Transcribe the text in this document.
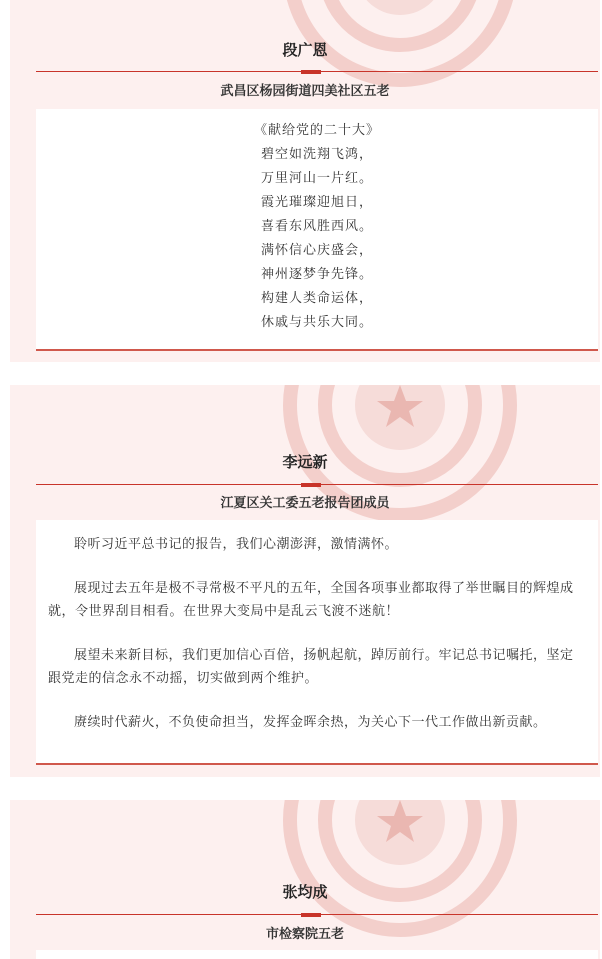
段广恩
武昌区杨园街道四美社区五老
《献给党的二十大》
碧空如洗翔飞鸿，
万里河山一片红。
霞光璀璨迎旭日，
喜看东风胜西风。
满怀信心庆盛会，
神州逐梦争先锋。
构建人类命运体，
休戚与共乐大同。
李远新
江夏区关工委五老报告团成员

聆听习近平总书记的报告，我们心潮澎湃，激情满怀。

展现过去五年是极不寻常极不平凡的五年，全国各项事业都取得了举世瞩目的辉煌成就，令世界刮目相看。在世界大变局中是乱云飞渡不迷航！

展望未来新目标，我们更加信心百倍，扬帆起航，踔厉前行。牢记总书记嘱托，坚定跟党走的信念永不动摇，切实做到两个维护。

赓续时代薪火，不负使命担当，发挥金晖余热，为关心下一代工作做出新贡献。

张均成
市检察院五老
